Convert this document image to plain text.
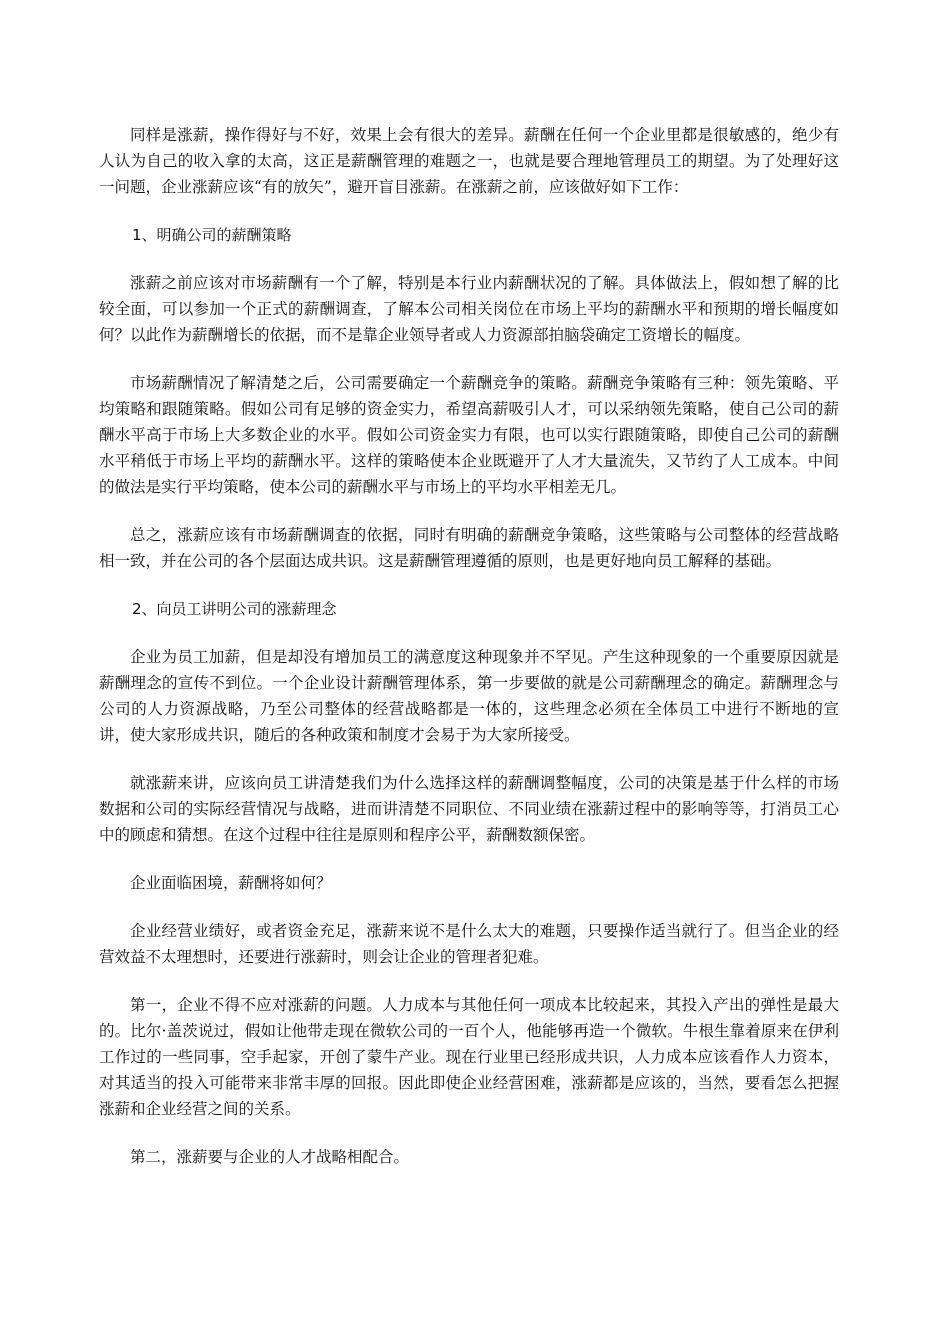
同样是涨薪，操作得好与不好，效果上会有很大的差异。薪酬在任何一个企业里都是很敏感的，绝少有人认为自己的收入拿的太高，这正是薪酬管理的难题之一，也就是要合理地管理员工的期望。为了处理好这一问题，企业涨薪应该“有的放矢”，避开盲目涨薪。在涨薪之前，应该做好如下工作：

1、明确公司的薪酬策略

涨薪之前应该对市场薪酬有一个了解，特别是本行业内薪酬状况的了解。具体做法上，假如想了解的比较全面，可以参加一个正式的薪酬调查，了解本公司相关岗位在市场上平均的薪酬水平和预期的增长幅度如何？以此作为薪酬增长的依据，而不是靠企业领导者或人力资源部拍脑袋确定工资增长的幅度。

市场薪酬情况了解清楚之后，公司需要确定一个薪酬竞争的策略。薪酬竞争策略有三种：领先策略、平均策略和跟随策略。假如公司有足够的资金实力，希望高薪吸引人才，可以采纳领先策略，使自己公司的薪酬水平高于市场上大多数企业的水平。假如公司资金实力有限，也可以实行跟随策略，即使自己公司的薪酬水平稍低于市场上平均的薪酬水平。这样的策略使本企业既避开了人才大量流失，又节约了人工成本。中间的做法是实行平均策略，使本公司的薪酬水平与市场上的平均水平相差无几。

总之，涨薪应该有市场薪酬调查的依据，同时有明确的薪酬竞争策略，这些策略与公司整体的经营战略相一致，并在公司的各个层面达成共识。这是薪酬管理遵循的原则，也是更好地向员工解释的基础。

2、向员工讲明公司的涨薪理念

企业为员工加薪，但是却没有增加员工的满意度这种现象并不罕见。产生这种现象的一个重要原因就是薪酬理念的宣传不到位。一个企业设计薪酬管理体系，第一步要做的就是公司薪酬理念的确定。薪酬理念与公司的人力资源战略，乃至公司整体的经营战略都是一体的，这些理念必须在全体员工中进行不断地的宣讲，使大家形成共识，随后的各种政策和制度才会易于为大家所接受。

就涨薪来讲，应该向员工讲清楚我们为什么选择这样的薪酬调整幅度，公司的决策是基于什么样的市场数据和公司的实际经营情况与战略，进而讲清楚不同职位、不同业绩在涨薪过程中的影响等等，打消员工心中的顾虑和猜想。在这个过程中往往是原则和程序公平，薪酬数额保密。

企业面临困境，薪酬将如何？

企业经营业绩好，或者资金充足，涨薪来说不是什么太大的难题，只要操作适当就行了。但当企业的经营效益不太理想时，还要进行涨薪时，则会让企业的管理者犯难。

第一，企业不得不应对涨薪的问题。人力成本与其他任何一项成本比较起来，其投入产出的弹性是最大的。比尔·盖茨说过，假如让他带走现在微软公司的一百个人，他能够再造一个微软。牛根生靠着原来在伊利工作过的一些同事，空手起家，开创了蒙牛产业。现在行业里已经形成共识，人力成本应该看作人力资本，对其适当的投入可能带来非常丰厚的回报。因此即使企业经营困难，涨薪都是应该的，当然，要看怎么把握涨薪和企业经营之间的关系。

第二，涨薪要与企业的人才战略相配合。
